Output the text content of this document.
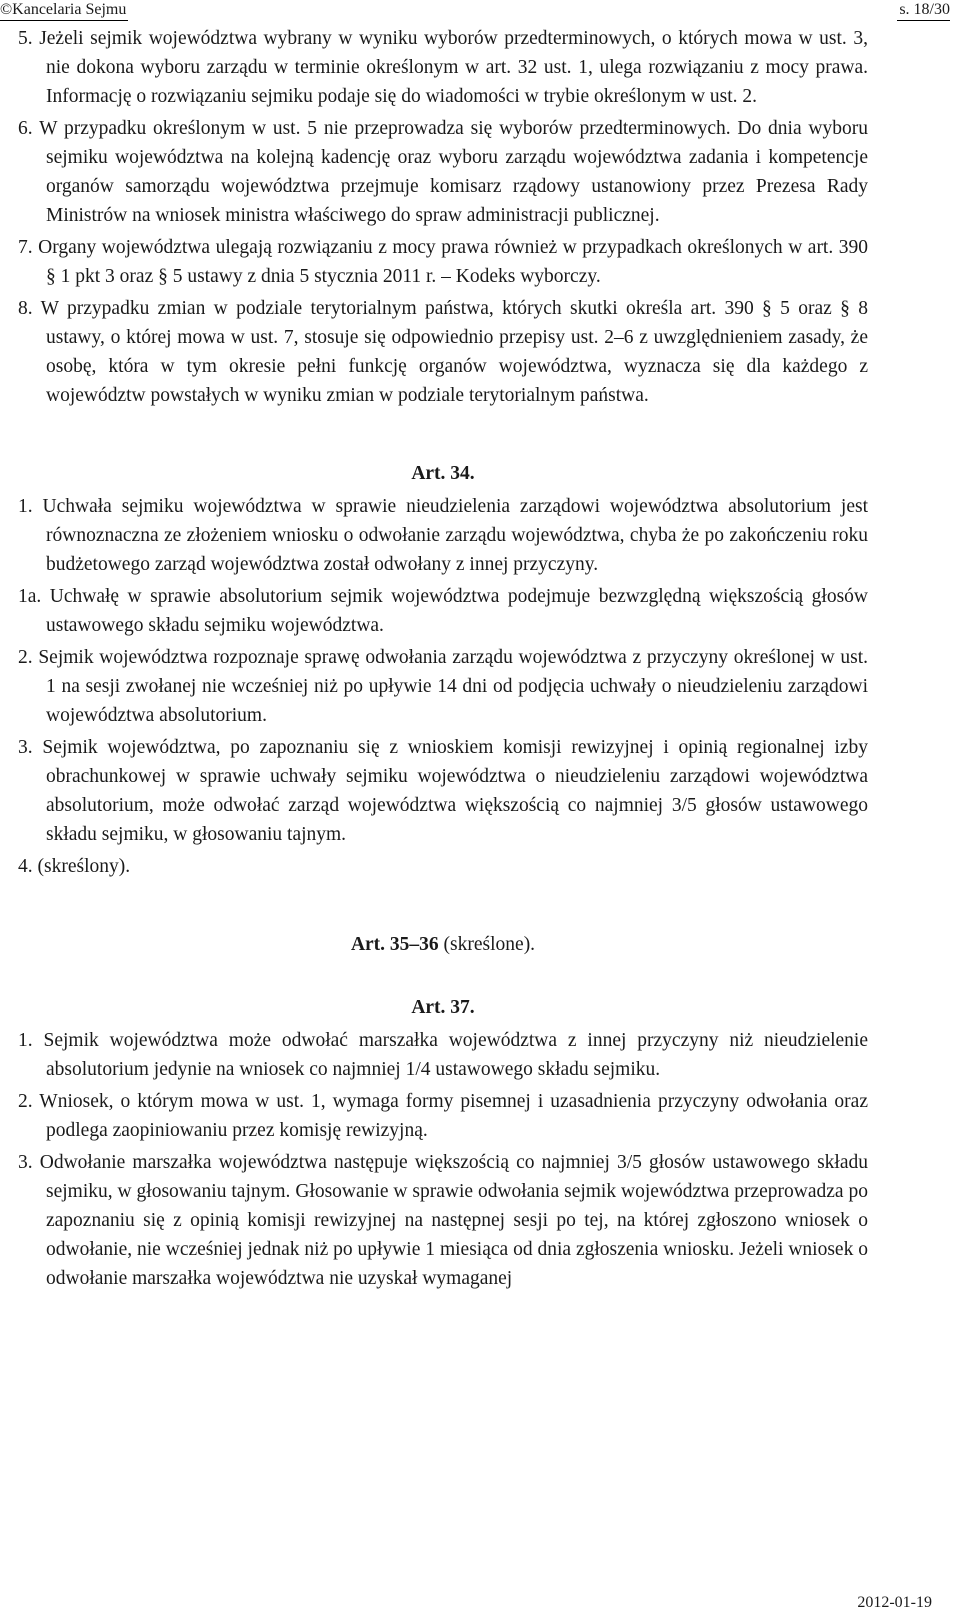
©Kancelaria Sejmu	s. 18/30

5. Jeżeli sejmik województwa wybrany w wyniku wyborów przedterminowych, o których mowa w ust. 3, nie dokona wyboru zarządu w terminie określonym w art. 32 ust. 1, ulega rozwiązaniu z mocy prawa. Informację o rozwiązaniu sejmiku podaje się do wiadomości w trybie określonym w ust. 2.

6. W przypadku określonym w ust. 5 nie przeprowadza się wyborów przedterminowych. Do dnia wyboru sejmiku województwa na kolejną kadencję oraz wyboru zarządu województwa zadania i kompetencje organów samorządu województwa przejmuje komisarz rządowy ustanowiony przez Prezesa Rady Ministrów na wniosek ministra właściwego do spraw administracji publicznej.

7. Organy województwa ulegają rozwiązaniu z mocy prawa również w przypadkach określonych w art. 390 § 1 pkt 3 oraz § 5 ustawy z dnia 5 stycznia 2011 r. – Kodeks wyborczy.

8. W przypadku zmian w podziale terytorialnym państwa, których skutki określa art. 390 § 5 oraz § 8 ustawy, o której mowa w ust. 7, stosuje się odpowiednio przepisy ust. 2–6 z uwzględnieniem zasady, że osobę, która w tym okresie pełni funkcję organów województwa, wyznacza się dla każdego z województw powstałych w wyniku zmian w podziale terytorialnym państwa.

Art. 34.

1. Uchwała sejmiku województwa w sprawie nieudzielenia zarządowi województwa absolutorium jest równoznaczna ze złożeniem wniosku o odwołanie zarządu województwa, chyba że po zakończeniu roku budżetowego zarząd województwa został odwołany z innej przyczyny.

1a. Uchwałę w sprawie absolutorium sejmik województwa podejmuje bezwzględną większością głosów ustawowego składu sejmiku województwa.

2. Sejmik województwa rozpoznaje sprawę odwołania zarządu województwa z przyczyny określonej w ust. 1 na sesji zwołanej nie wcześniej niż po upływie 14 dni od podjęcia uchwały o nieudzieleniu zarządowi województwa absolutorium.

3. Sejmik województwa, po zapoznaniu się z wnioskiem komisji rewizyjnej i opinią regionalnej izby obrachunkowej w sprawie uchwały sejmiku województwa o nieudzieleniu zarządowi województwa absolutorium, może odwołać zarząd województwa większością co najmniej 3/5 głosów ustawowego składu sejmiku, w głosowaniu tajnym.

4. (skreślony).

Art. 35–36 (skreślone).

Art. 37.

1. Sejmik województwa może odwołać marszałka województwa z innej przyczyny niż nieudzielenie absolutorium jedynie na wniosek co najmniej 1/4 ustawowego składu sejmiku.

2. Wniosek, o którym mowa w ust. 1, wymaga formy pisemnej i uzasadnienia przyczyny odwołania oraz podlega zaopiniowaniu przez komisję rewizyjną.

3. Odwołanie marszałka województwa następuje większością co najmniej 3/5 głosów ustawowego składu sejmiku, w głosowaniu tajnym. Głosowanie w sprawie odwołania sejmik województwa przeprowadza po zapoznaniu się z opinią komisji rewizyjnej na następnej sesji po tej, na której zgłoszono wniosek o odwołanie, nie wcześniej jednak niż po upływie 1 miesiąca od dnia zgłoszenia wniosku. Jeżeli wniosek o odwołanie marszałka województwa nie uzyskał wymaganej

2012-01-19
